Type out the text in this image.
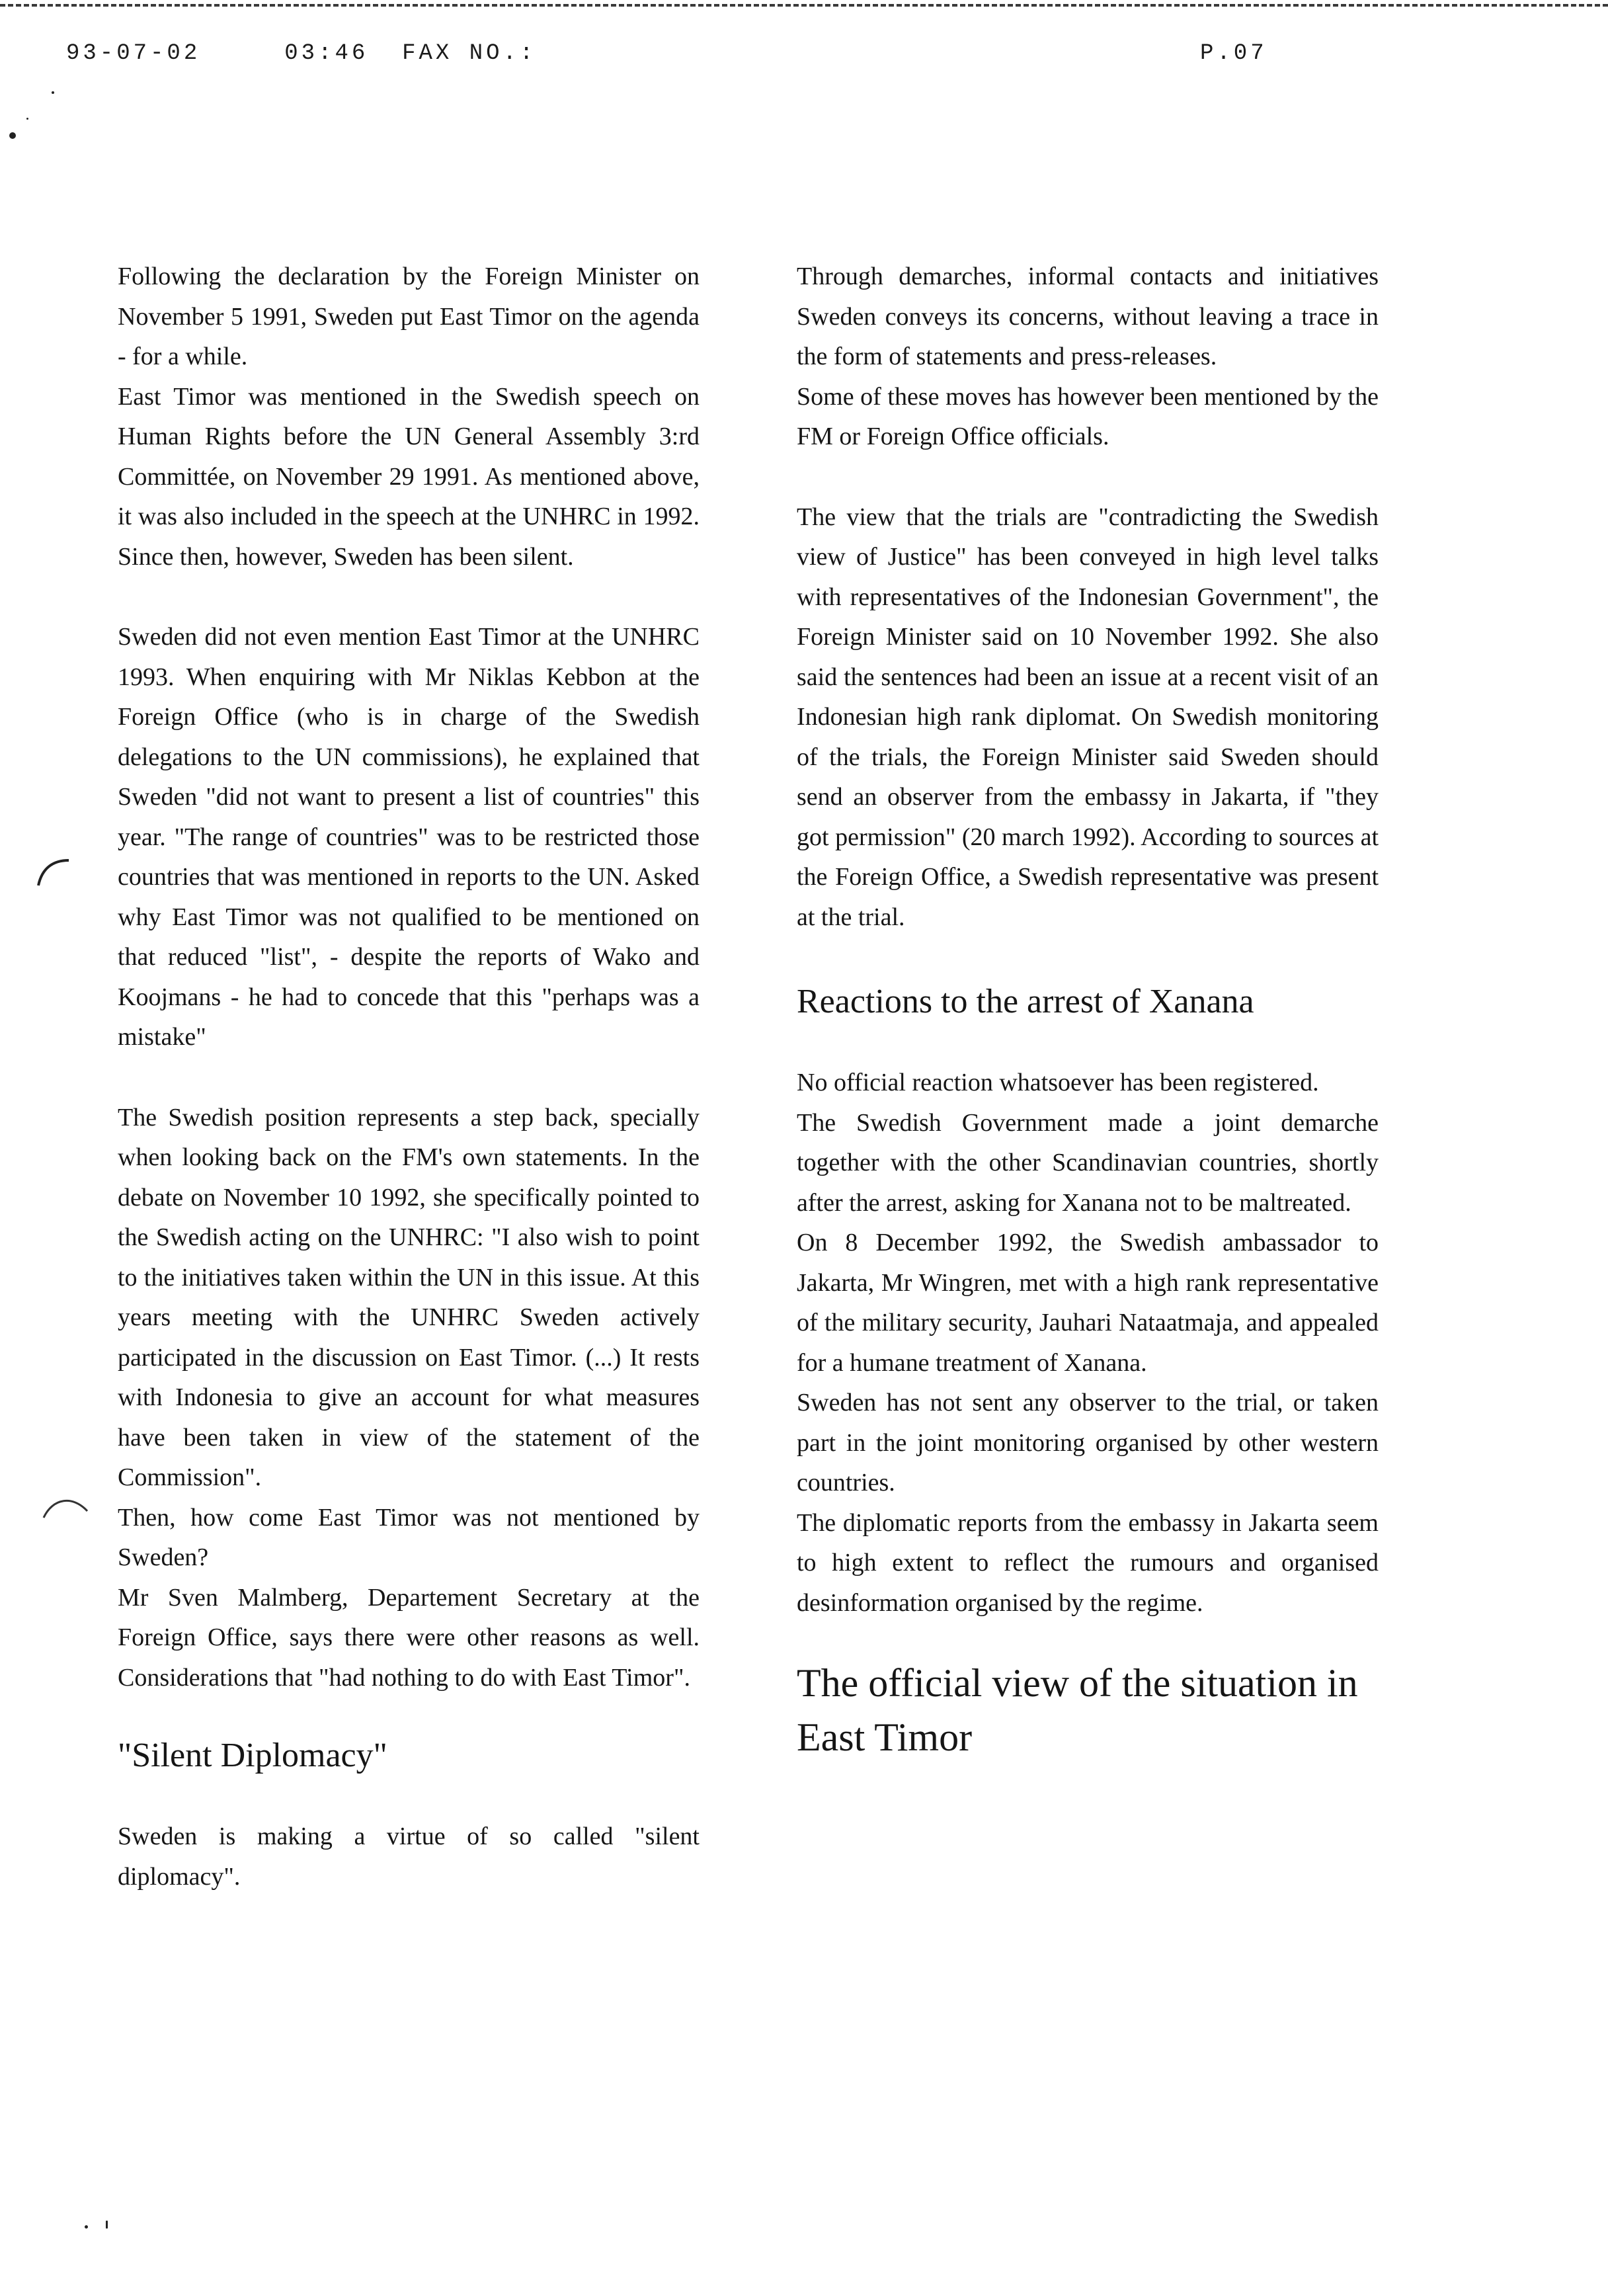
93-07-02	03:46 FAX NO.:	P.07

Following the declaration by the Foreign Minister on November 5 1991, Sweden put East Timor on the agenda - for a while.

East Timor was mentioned in the Swedish speech on Human Rights before the UN General Assembly 3:rd Committée, on November 29 1991. As mentioned above, it was also included in the speech at the UNHRC in 1992. Since then, however, Sweden has been silent.

Sweden did not even mention East Timor at the UNHRC 1993. When enquiring with Mr Niklas Kebbon at the Foreign Office (who is in charge of the Swedish delegations to the UN commissions), he explained that Sweden "did not want to present a list of countries" this year. "The range of countries" was to be restricted those countries that was mentioned in reports to the UN. Asked why East Timor was not qualified to be mentioned on that reduced "list", - despite the reports of Wako and Koojmans - he had to concede that this "perhaps was a mistake"

The Swedish position represents a step back, specially when looking back on the FM's own statements. In the debate on November 10 1992, she specifically pointed to the Swedish acting on the UNHRC: "I also wish to point to the initiatives taken within the UN in this issue. At this years meeting with the UNHRC Sweden actively participated in the discussion on East Timor. (...) It rests with Indonesia to give an account for what measures have been taken in view of the statement of the Commission".

Then, how come East Timor was not mentioned by Sweden?

Mr Sven Malmberg, Departement Secretary at the Foreign Office, says there were other reasons as well. Considerations that "had nothing to do with East Timor".

"Silent Diplomacy"

Sweden is making a virtue of so called "silent diplomacy".

Through demarches, informal contacts and initiatives Sweden conveys its concerns, without leaving a trace in the form of statements and press-releases.

Some of these moves has however been mentioned by the FM or Foreign Office officials.

The view that the trials are "contradicting the Swedish view of Justice" has been conveyed in high level talks with representatives of the Indonesian Government", the Foreign Minister said on 10 November 1992. She also said the sentences had been an issue at a recent visit of an Indonesian high rank diplomat. On Swedish monitoring of the trials, the Foreign Minister said Sweden should send an observer from the embassy in Jakarta, if "they got permission" (20 march 1992). According to sources at the Foreign Office, a Swedish representative was present at the trial.

Reactions to the arrest of Xanana

No official reaction whatsoever has been registered.

The Swedish Government made a joint demarche together with the other Scandinavian countries, shortly after the arrest, asking for Xanana not to be maltreated.

On 8 December 1992, the Swedish ambassador to Jakarta, Mr Wingren, met with a high rank representative of the military security, Jauhari Nataatmaja, and appealed for a humane treatment of Xanana.

Sweden has not sent any observer to the trial, or taken part in the joint monitoring organised by other western countries.

The diplomatic reports from the embassy in Jakarta seem to high extent to reflect the rumours and organised desinformation organised by the regime.

The official view of the situation in East Timor
